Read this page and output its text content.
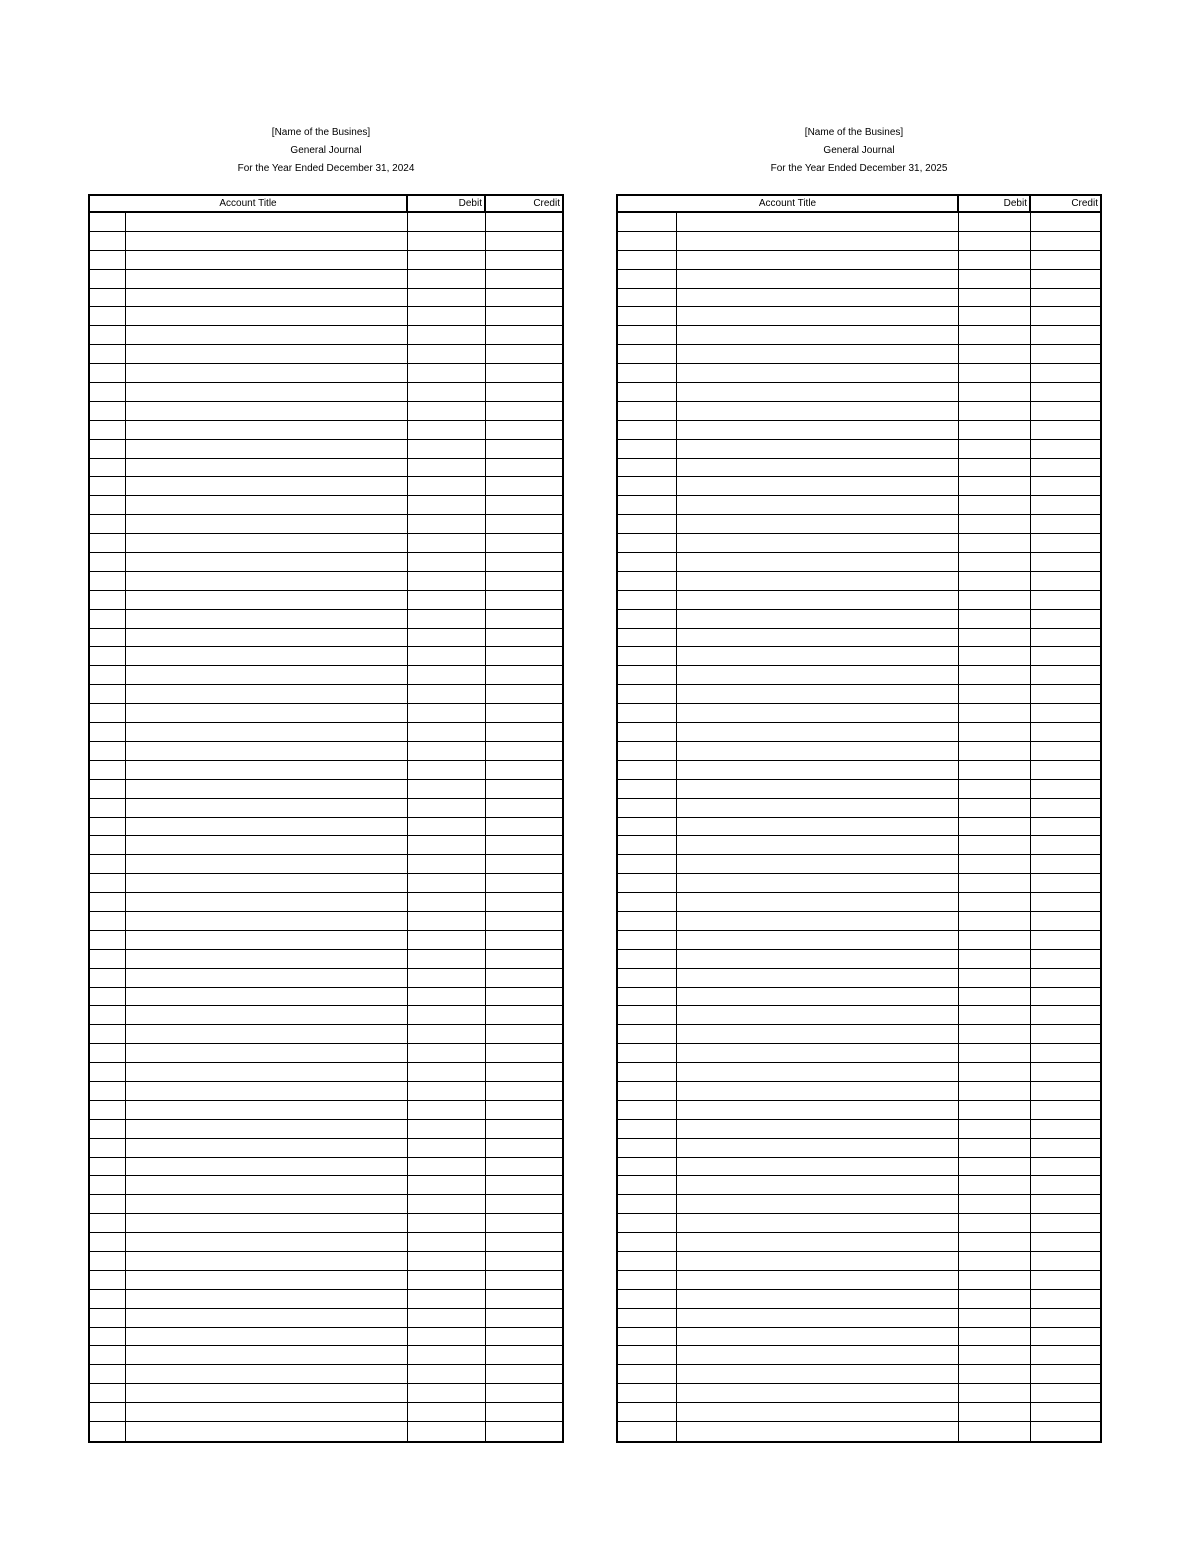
[Name of the Busines]
General Journal
For the Year Ended December 31, 2024
Account Title	Debit	Credit
[Name of the Busines]
General Journal
For the Year Ended December 31, 2025
Account Title	Debit	Credit
